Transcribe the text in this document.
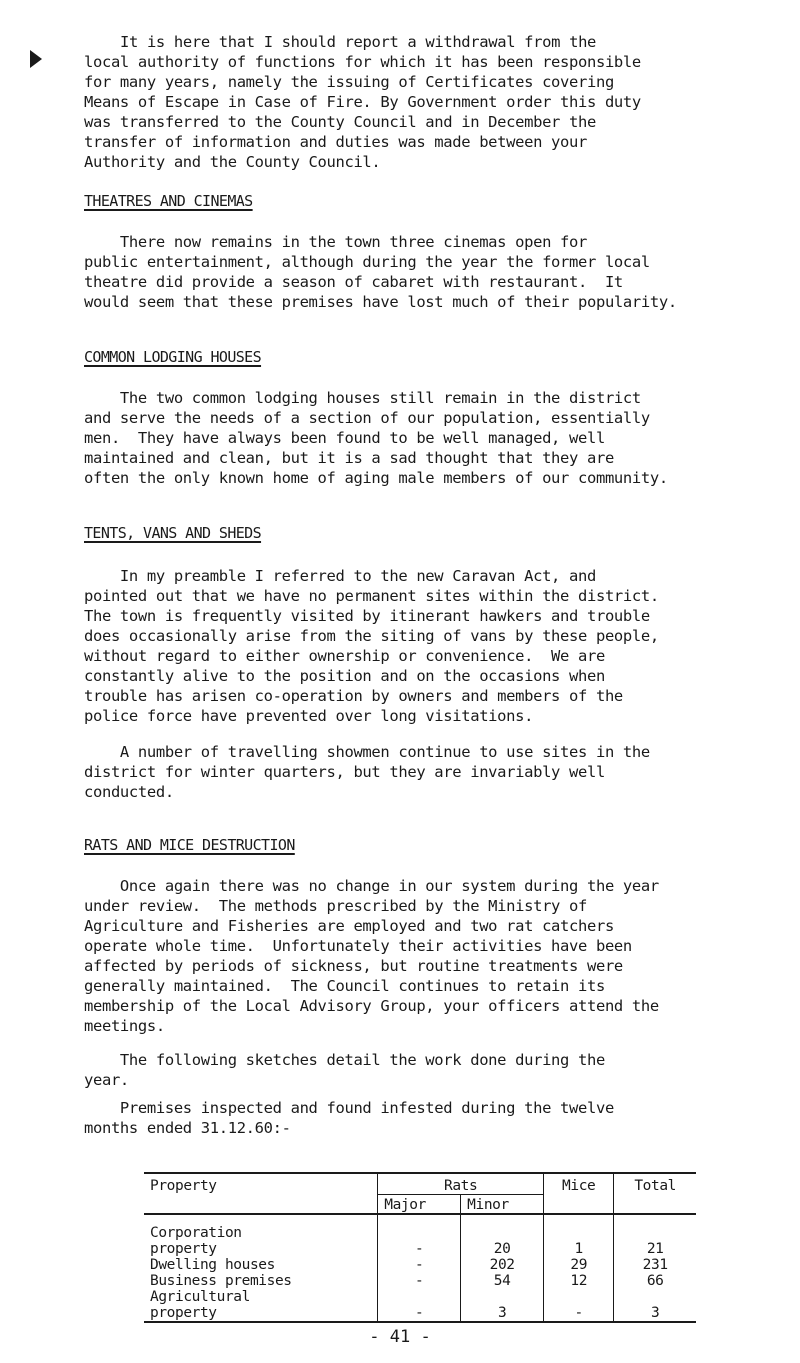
It is here that I should report a withdrawal from the
local authority of functions for which it has been responsible
for many years, namely the issuing of Certificates covering
Means of Escape in Case of Fire. By Government order this duty
was transferred to the County Council and in December the
transfer of information and duties was made between your
Authority and the County Council.

THEATRES AND CINEMAS

There now remains in the town three cinemas open for
public entertainment, although during the year the former local
theatre did provide a season of cabaret with restaurant.  It
would seem that these premises have lost much of their popularity.

COMMON LODGING HOUSES

The two common lodging houses still remain in the district
and serve the needs of a section of our population, essentially
men.  They have always been found to be well managed, well
maintained and clean, but it is a sad thought that they are
often the only known home of aging male members of our community.

TENTS, VANS AND SHEDS

In my preamble I referred to the new Caravan Act, and
pointed out that we have no permanent sites within the district.
The town is frequently visited by itinerant hawkers and trouble
does occasionally arise from the siting of vans by these people,
without regard to either ownership or convenience.  We are
constantly alive to the position and on the occasions when
trouble has arisen co-operation by owners and members of the
police force have prevented over long visitations.

A number of travelling showmen continue to use sites in the
district for winter quarters, but they are invariably well
conducted.

RATS AND MICE DESTRUCTION

Once again there was no change in our system during the year
under review.  The methods prescribed by the Ministry of
Agriculture and Fisheries are employed and two rat catchers
operate whole time.  Unfortunately their activities have been
affected by periods of sickness, but routine treatments were
generally maintained.  The Council continues to retain its
membership of the Local Advisory Group, your officers attend the
meetings.

The following sketches detail the work done during the
year.

Premises inspected and found infested during the twelve
months ended 31.12.60:-

Property	Rats		Mice	Total
	Major	Minor		
Corporation
property	-	20	1	21
Dwelling houses	-	202	29	231
Business premises	-	54	12	66
Agricultural
property	-	3	-	3
- 41 -
